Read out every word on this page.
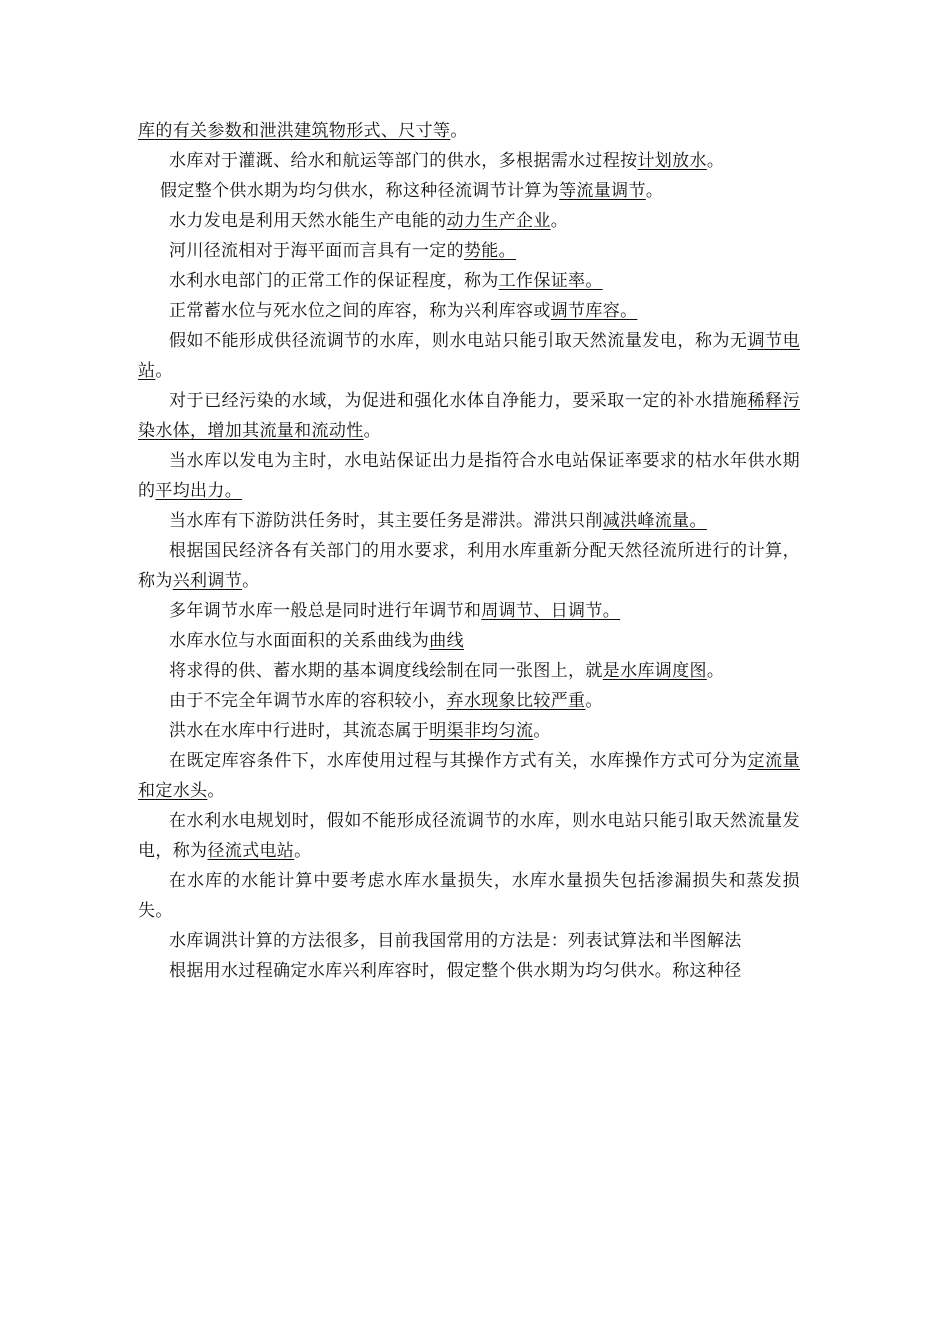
库的有关参数和泄洪建筑物形式、尺寸等。

水库对于灌溉、给水和航运等部门的供水，多根据需水过程按计划放水。

假定整个供水期为均匀供水，称这种径流调节计算为等流量调节。

水力发电是利用天然水能生产电能的动力生产企业。

河川径流相对于海平面而言具有一定的势能。

水利水电部门的正常工作的保证程度，称为工作保证率。

正常蓄水位与死水位之间的库容，称为兴利库容或调节库容。

假如不能形成供径流调节的水库，则水电站只能引取天然流量发电，称为无调节电站。

对于已经污染的水域，为促进和强化水体自净能力，要采取一定的补水措施稀释污染水体，增加其流量和流动性。

当水库以发电为主时，水电站保证出力是指符合水电站保证率要求的枯水年供水期的平均出力。

当水库有下游防洪任务时，其主要任务是滞洪。滞洪只削减洪峰流量。

根据国民经济各有关部门的用水要求，利用水库重新分配天然径流所进行的计算，称为兴利调节。

多年调节水库一般总是同时进行年调节和周调节、日调节。

水库水位与水面面积的关系曲线为曲线

将求得的供、蓄水期的基本调度线绘制在同一张图上，就是水库调度图。

由于不完全年调节水库的容积较小，弃水现象比较严重。

洪水在水库中行进时，其流态属于明渠非均匀流。

在既定库容条件下，水库使用过程与其操作方式有关，水库操作方式可分为定流量和定水头。

在水利水电规划时，假如不能形成径流调节的水库，则水电站只能引取天然流量发电，称为径流式电站。

在水库的水能计算中要考虑水库水量损失，水库水量损失包括渗漏损失和蒸发损失。

水库调洪计算的方法很多，目前我国常用的方法是：列表试算法和半图解法

根据用水过程确定水库兴利库容时，假定整个供水期为均匀供水。称这种径
